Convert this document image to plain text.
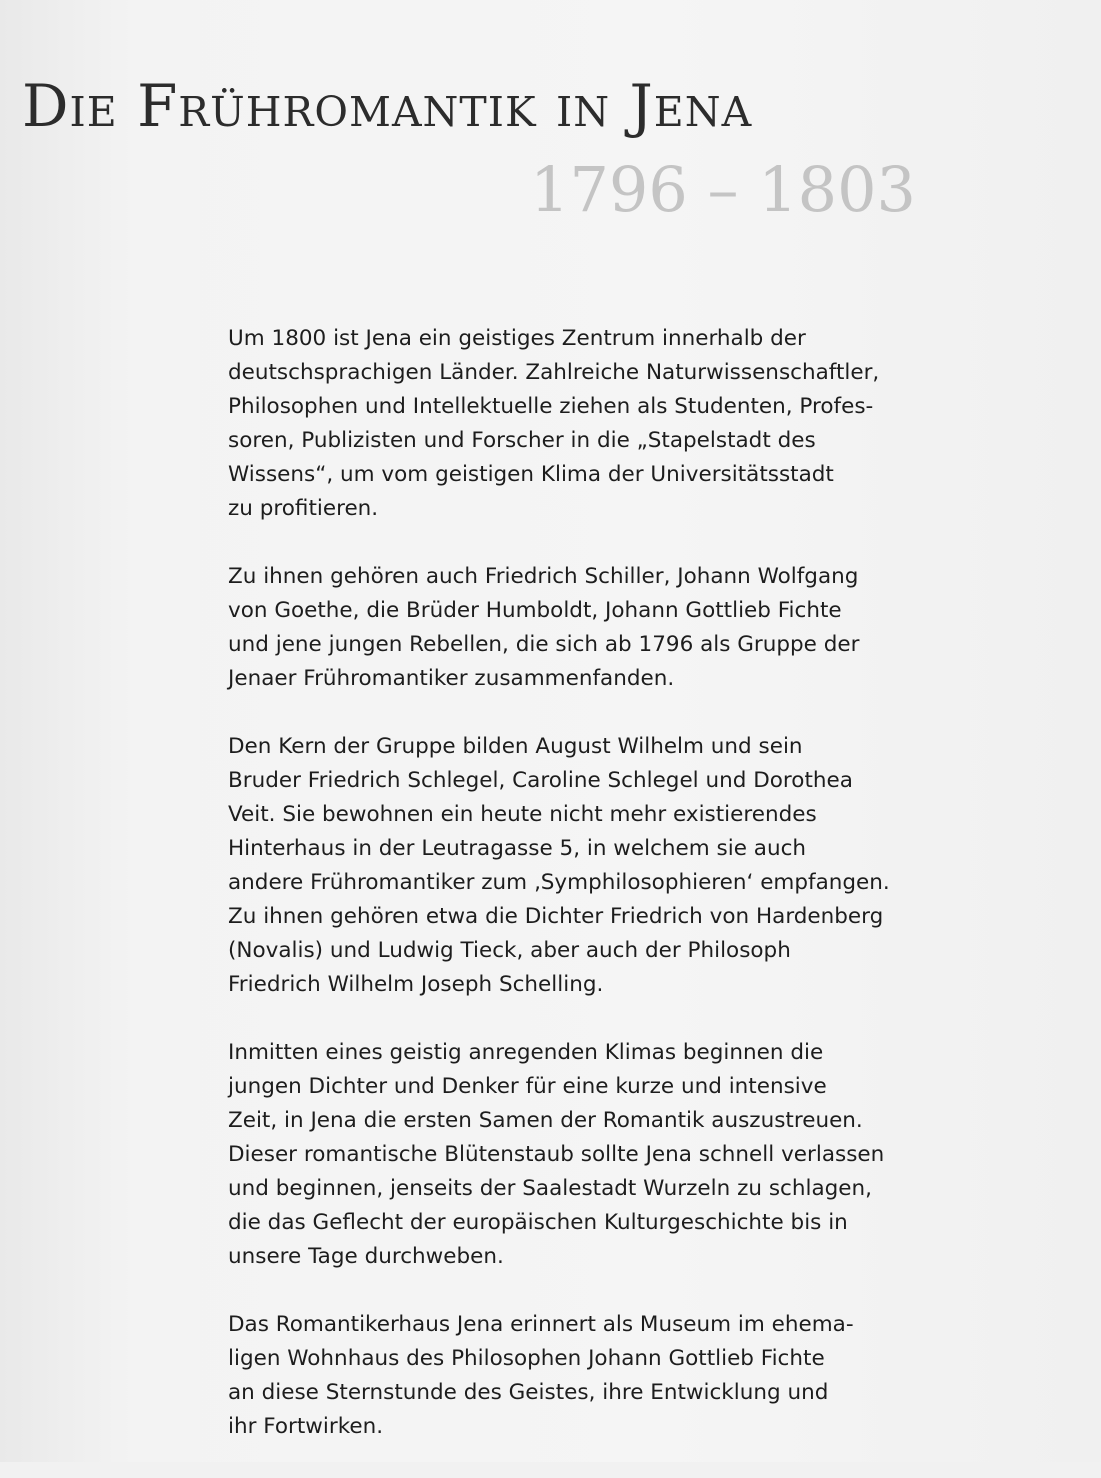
Die Frühromantik in Jena
1796 – 1803

Um 1800 ist Jena ein geistiges Zentrum innerhalb der
deutschsprachigen Länder. Zahlreiche Naturwissenschaftler,
Philosophen und Intellektuelle ziehen als Studenten, Profes-
soren, Publizisten und Forscher in die „Stapelstadt des
Wissens“, um vom geistigen Klima der Universitätsstadt
zu profitieren.

Zu ihnen gehören auch Friedrich Schiller, Johann Wolfgang
von Goethe, die Brüder Humboldt, Johann Gottlieb Fichte
und jene jungen Rebellen, die sich ab 1796 als Gruppe der
Jenaer Frühromantiker zusammenfanden.

Den Kern der Gruppe bilden August Wilhelm und sein
Bruder Friedrich Schlegel, Caroline Schlegel und Dorothea
Veit. Sie bewohnen ein heute nicht mehr existierendes
Hinterhaus in der Leutragasse 5, in welchem sie auch
andere Frühromantiker zum ‚Symphilosophieren‘ empfangen.
Zu ihnen gehören etwa die Dichter Friedrich von Hardenberg
(Novalis) und Ludwig Tieck, aber auch der Philosoph
Friedrich Wilhelm Joseph Schelling.

Inmitten eines geistig anregenden Klimas beginnen die
jungen Dichter und Denker für eine kurze und intensive
Zeit, in Jena die ersten Samen der Romantik auszustreuen.
Dieser romantische Blütenstaub sollte Jena schnell verlassen
und beginnen, jenseits der Saalestadt Wurzeln zu schlagen,
die das Geflecht der europäischen Kulturgeschichte bis in
unsere Tage durchweben.

Das Romantikerhaus Jena erinnert als Museum im ehema-
ligen Wohnhaus des Philosophen Johann Gottlieb Fichte
an diese Sternstunde des Geistes, ihre Entwicklung und
ihr Fortwirken.
